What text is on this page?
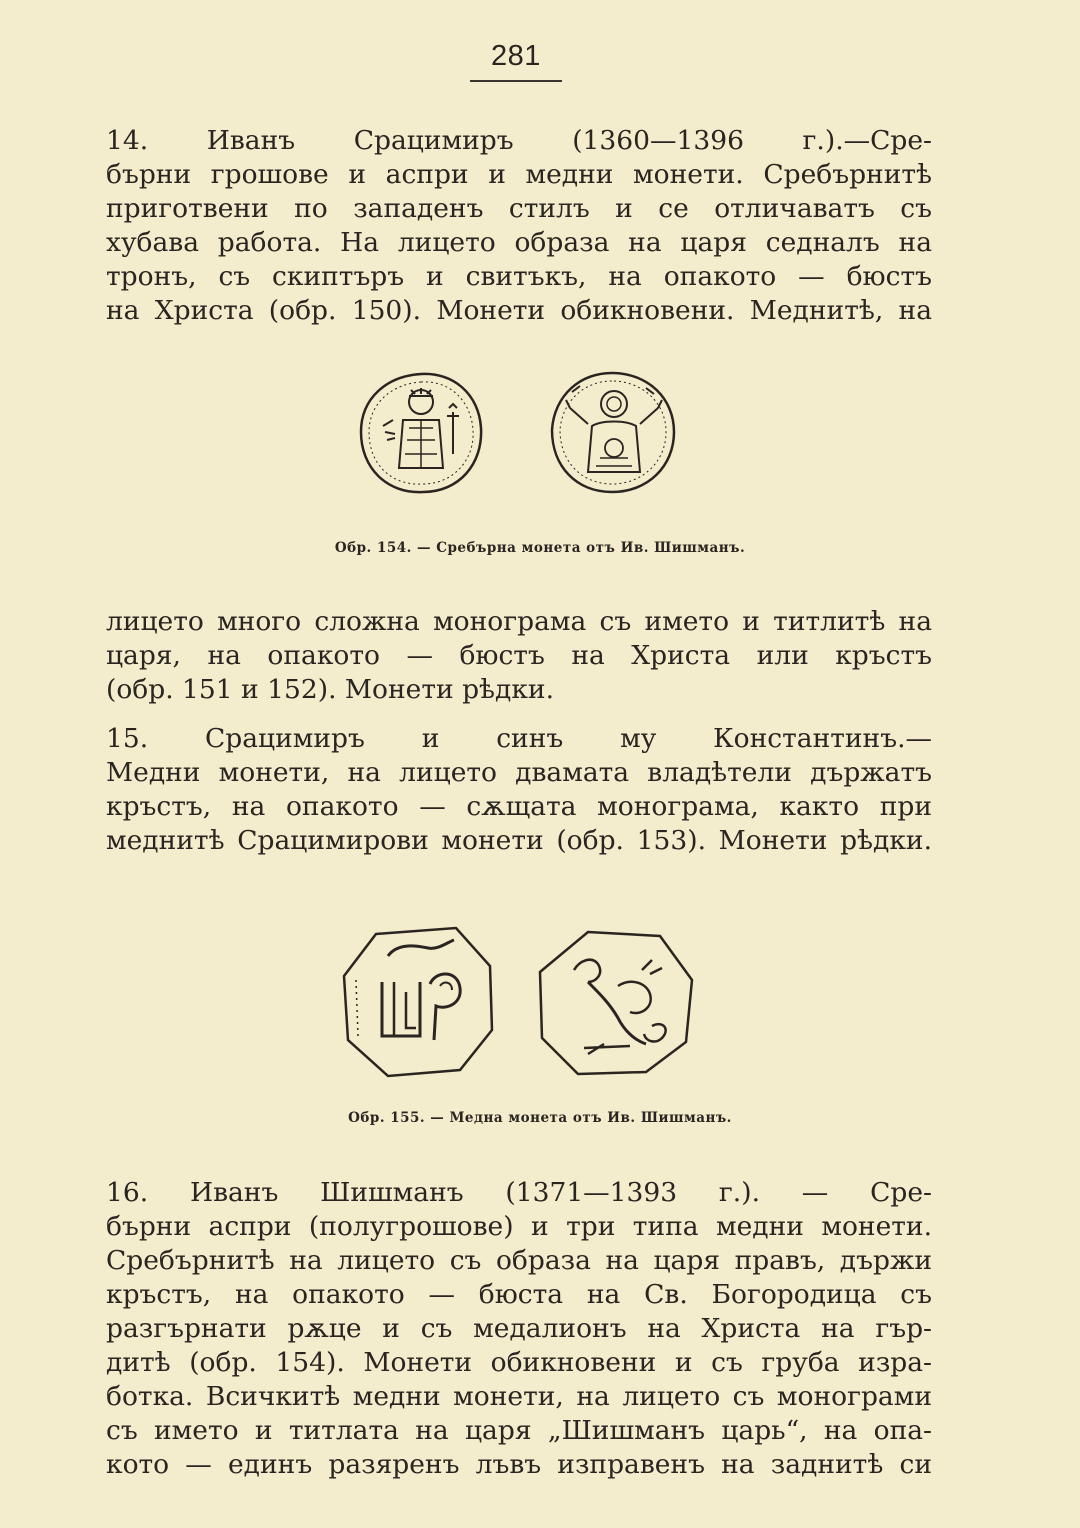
281
14. Иванъ Срацимиръ (1360—1396 г.).—Сре-
бърни грошове и аспри и медни монети. Сребърнитѣ
приготвени по западенъ стилъ и се отличаватъ съ
хубава работа. На лицето образа на царя седналъ на
тронъ, съ скиптъръ и свитъкъ, на опакото — бюстъ
на Христа (обр. 150). Монети обикновени. Меднитѣ, на
Обр. 154. — Сребърна монета отъ Ив. Шишманъ.
лицето много сложна монограма съ името и титлитѣ на
царя, на опакото — бюстъ на Христа или кръстъ
(обр. 151 и 152). Монети рѣдки.
15. Срацимиръ и синъ му Константинъ.—
Медни монети, на лицето двамата владѣтели държатъ
кръстъ, на опакото — сѫщата монограма, както при
меднитѣ Срацимирови монети (обр. 153). Монети рѣдки.
Обр. 155. — Медна монета отъ Ив. Шишманъ.
16. Иванъ Шишманъ (1371—1393 г.). — Сре-
бърни аспри (полугрошове) и три типа медни монети.
Сребърнитѣ на лицето съ образа на царя правъ, държи
кръстъ, на опакото — бюста на Св. Богородица съ
разгърнати рѫце и съ медалионъ на Христа на гър-
дитѣ (обр. 154). Монети обикновени и съ груба изра-
ботка. Всичкитѣ медни монети, на лицето съ монограми
съ името и титлата на царя „Шишманъ царь“, на опа-
кото — единъ разяренъ лъвъ изправенъ на заднитѣ си
